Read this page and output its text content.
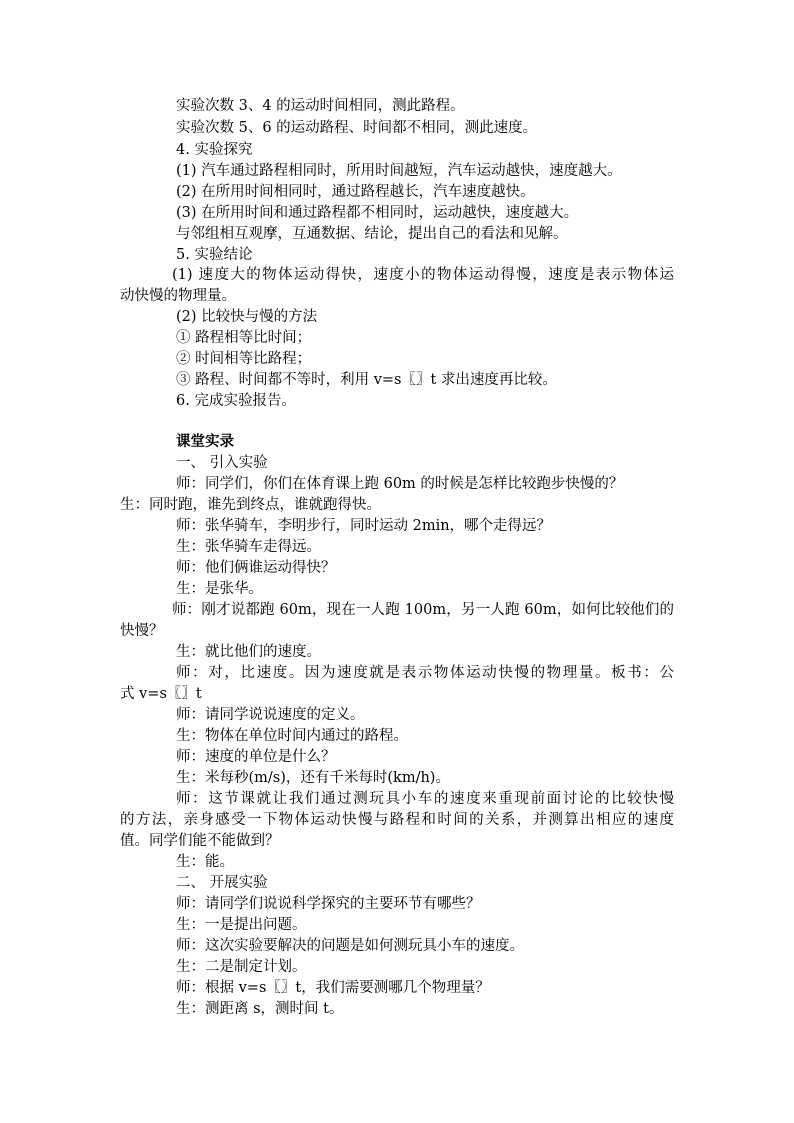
实验次数 3、4 的运动时间相同，测此路程。
实验次数 5、6 的运动路程、时间都不相同，测此速度。
4. 实验探究
(1) 汽车通过路程相同时，所用时间越短，汽车运动越快，速度越大。
(2) 在所用时间相同时，通过路程越长，汽车速度越快。
(3) 在所用时间和通过路程都不相同时，运动越快，速度越大。
与邻组相互观摩，互通数据、结论，提出自己的看法和见解。
5. 实验结论
(1) 速度大的物体运动得快，速度小的物体运动得慢，速度是表示物体运
动快慢的物理量。
(2) 比较快与慢的方法
① 路程相等比时间；
② 时间相等比路程；
③ 路程、时间都不等时，利用 v=s〖〗t 求出速度再比较。
6. 完成实验报告。
课堂实录
一、 引入实验
师：同学们，你们在体育课上跑 60m 的时候是怎样比较跑步快慢的？
生：同时跑，谁先到终点，谁就跑得快。
师：张华骑车，李明步行，同时运动 2min，哪个走得远？
生：张华骑车走得远。
师：他们俩谁运动得快？
生：是张华。
师：刚才说都跑 60m，现在一人跑 100m，另一人跑 60m，如何比较他们的
快慢？
生：就比他们的速度。
师：对，比速度。因为速度就是表示物体运动快慢的物理量。板书：公
式 v=s〖〗t
师：请同学说说速度的定义。
生：物体在单位时间内通过的路程。
师：速度的单位是什么？
生：米每秒(m/s)，还有千米每时(km/h)。
师：这节课就让我们通过测玩具小车的速度来重现前面讨论的比较快慢
的方法，亲身感受一下物体运动快慢与路程和时间的关系，并测算出相应的速度
值。同学们能不能做到？
生：能。
二、 开展实验
师：请同学们说说科学探究的主要环节有哪些？
生：一是提出问题。
师：这次实验要解决的问题是如何测玩具小车的速度。
生：二是制定计划。
师：根据 v=s〖〗t，我们需要测哪几个物理量？
生：测距离 s，测时间 t。
